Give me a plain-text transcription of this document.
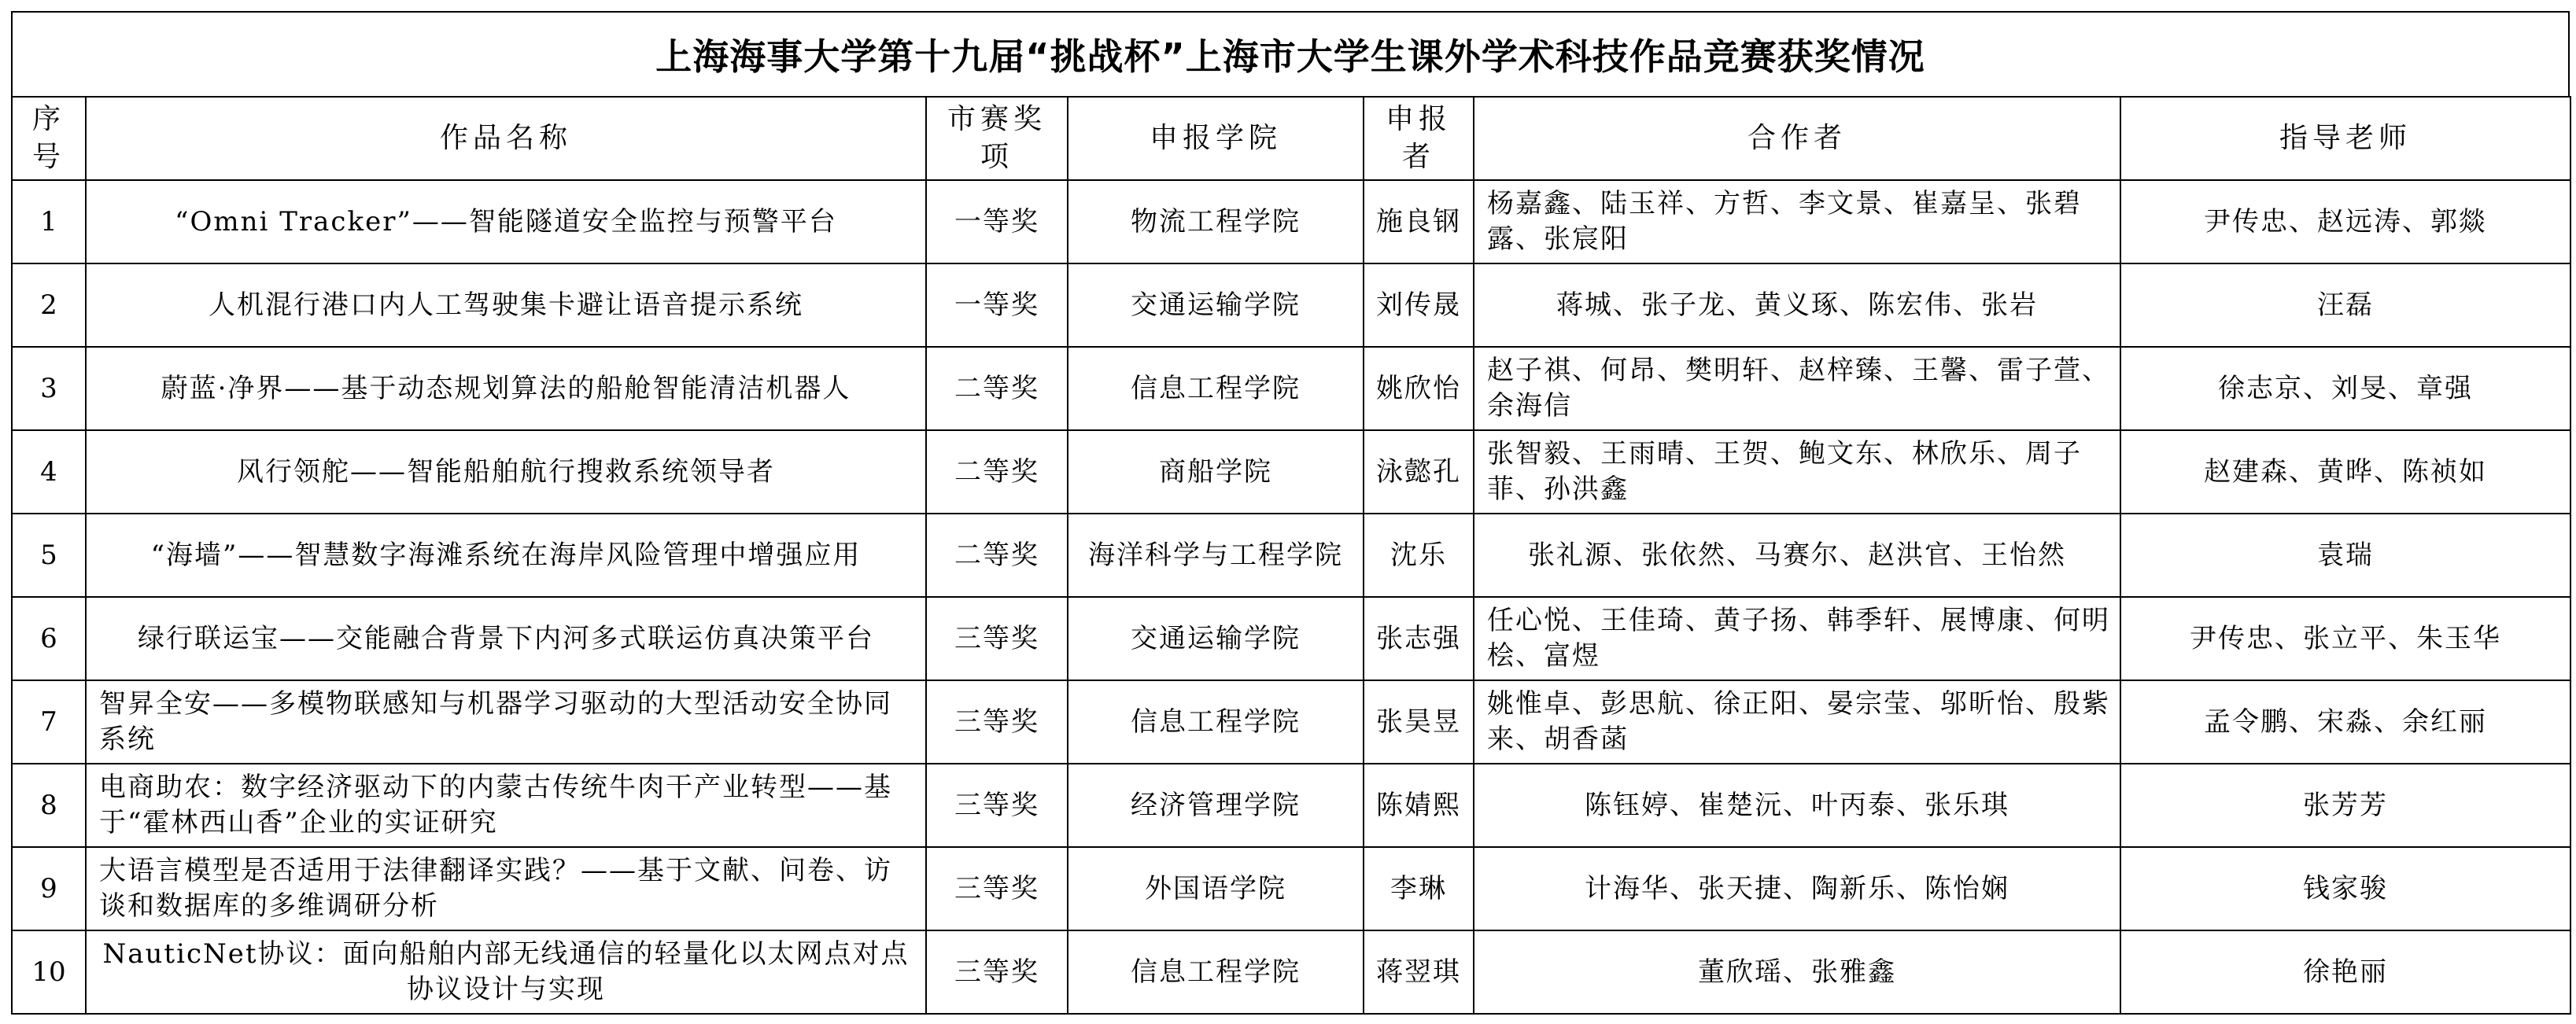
上海海事大学第十九届“挑战杯”上海市大学生课外学术科技作品竞赛获奖情况
序号	作品名称	市赛奖项	申报学院	申报者	合作者	指导老师
1	“Omni Tracker”——智能隧道安全监控与预警平台	一等奖	物流工程学院	施良钢	杨嘉鑫、陆玉祥、方哲、李文景、崔嘉呈、张碧露、张宸阳	尹传忠、赵远涛、郭燚
2	人机混行港口内人工驾驶集卡避让语音提示系统	一等奖	交通运输学院	刘传晟	蒋城、张子龙、黄义琢、陈宏伟、张岩	汪磊
3	蔚蓝·净界——基于动态规划算法的船舱智能清洁机器人	二等奖	信息工程学院	姚欣怡	赵子祺、何昂、樊明轩、赵梓臻、王馨、雷子萱、余海信	徐志京、刘旻、章强
4	风行领舵——智能船舶航行搜救系统领导者	二等奖	商船学院	泳懿孔	张智毅、王雨晴、王贺、鲍文东、林欣乐、周子菲、孙洪鑫	赵建森、黄晔、陈祯如
5	“海墙”——智慧数字海滩系统在海岸风险管理中增强应用	二等奖	海洋科学与工程学院	沈乐	张礼源、张依然、马赛尔、赵洪官、王怡然	袁瑞
6	绿行联运宝——交能融合背景下内河多式联运仿真决策平台	三等奖	交通运输学院	张志强	任心悦、王佳琦、黄子扬、韩季轩、展博康、何明桧、富煜	尹传忠、张立平、朱玉华
7	智昇全安——多模物联感知与机器学习驱动的大型活动安全协同系统	三等奖	信息工程学院	张昊昱	姚惟卓、彭思航、徐正阳、晏宗莹、邬昕怡、殷紫来、胡香菡	孟令鹏、宋淼、余红丽
8	电商助农：数字经济驱动下的内蒙古传统牛肉干产业转型——基于“霍林西山香”企业的实证研究	三等奖	经济管理学院	陈婧熙	陈钰婷、崔楚沅、叶丙泰、张乐琪	张芳芳
9	大语言模型是否适用于法律翻译实践？——基于文献、问卷、访谈和数据库的多维调研分析	三等奖	外国语学院	李琳	计海华、张天捷、陶新乐、陈怡娴	钱家骏
10	NauticNet协议：面向船舶内部无线通信的轻量化以太网点对点协议设计与实现	三等奖	信息工程学院	蒋翌琪	董欣瑶、张雅鑫	徐艳丽
